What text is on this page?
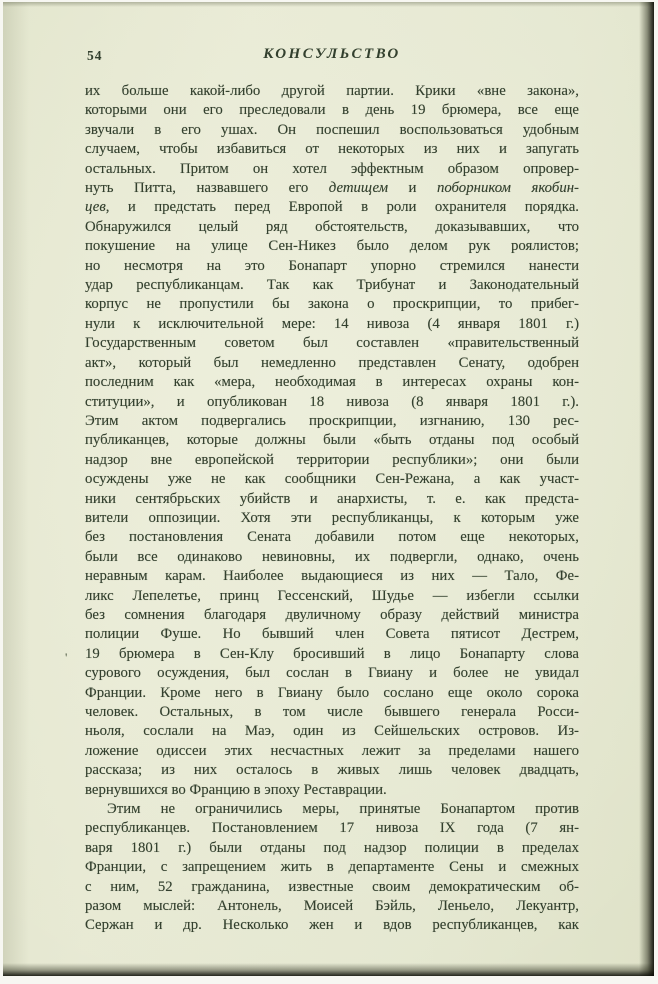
54	КОНСУЛЬСТВО
'
их больше какой-либо другой партии. Крики «вне закона»,
которыми они его преследовали в день 19 брюмера, все еще
звучали в его ушах. Он поспешил воспользоваться удобным
случаем, чтобы избавиться от некоторых из них и запугать
остальных. Притом он хотел эффектным образом опровер-
нуть Питта, назвавшего его детищем и поборником якобин-
цев, и предстать перед Европой в роли охранителя порядка.
Обнаружился целый ряд обстоятельств, доказывавших, что
покушение на улице Сен-Никез было делом рук роялистов;
но несмотря на это Бонапарт упорно стремился нанести
удар республиканцам. Так как Трибунат и Законодательный
корпус не пропустили бы закона о проскрипции, то прибег-
нули к исключительной мере: 14 нивоза (4 января 1801 г.)
Государственным советом был составлен «правительственный
акт», который был немедленно представлен Сенату, одобрен
последним как «мера, необходимая в интересах охраны кон-
ституции», и опубликован 18 нивоза (8 января 1801 г.).
Этим актом подвергались проскрипции, изгнанию, 130 рес-
публиканцев, которые должны были «быть отданы под особый
надзор вне европейской территории республики»; они были
осуждены уже не как сообщники Сен-Режана, а как участ-
ники сентябрьских убийств и анархисты, т. е. как предста-
вители оппозиции. Хотя эти республиканцы, к которым уже
без постановления Сената добавили потом еще некоторых,
были все одинаково невиновны, их подвергли, однако, очень
неравным карам. Наиболее выдающиеся из них — Тало, Фе-
ликс Лепелетье, принц Гессенский, Шудье — избегли ссылки
без сомнения благодаря двуличному образу действий министра
полиции Фуше. Но бывший член Совета пятисот Дестрем,
19 брюмера в Сен-Клу бросивший в лицо Бонапарту слова
сурового осуждения, был сослан в Гвиану и более не увидал
Франции. Кроме него в Гвиану было сослано еще около сорока
человек. Остальных, в том числе бывшего генерала Росси-
ньоля, сослали на Маэ, один из Сейшельских островов. Из-
ложение одиссеи этих несчастных лежит за пределами нашего
рассказа; из них осталось в живых лишь человек двадцать,
вернувшихся во Францию в эпоху Реставрации.
Этим не ограничились меры, принятые Бонапартом против
республиканцев. Постановлением 17 нивоза IX года (7 ян-
варя 1801 г.) были отданы под надзор полиции в пределах
Франции, с запрещением жить в департаменте Сены и смежных
с ним, 52 гражданина, известные своим демократическим об-
разом мыслей: Антонель, Моисей Бэйль, Леньело, Лекуантр,
Сержан и др. Несколько жен и вдов республиканцев, как
